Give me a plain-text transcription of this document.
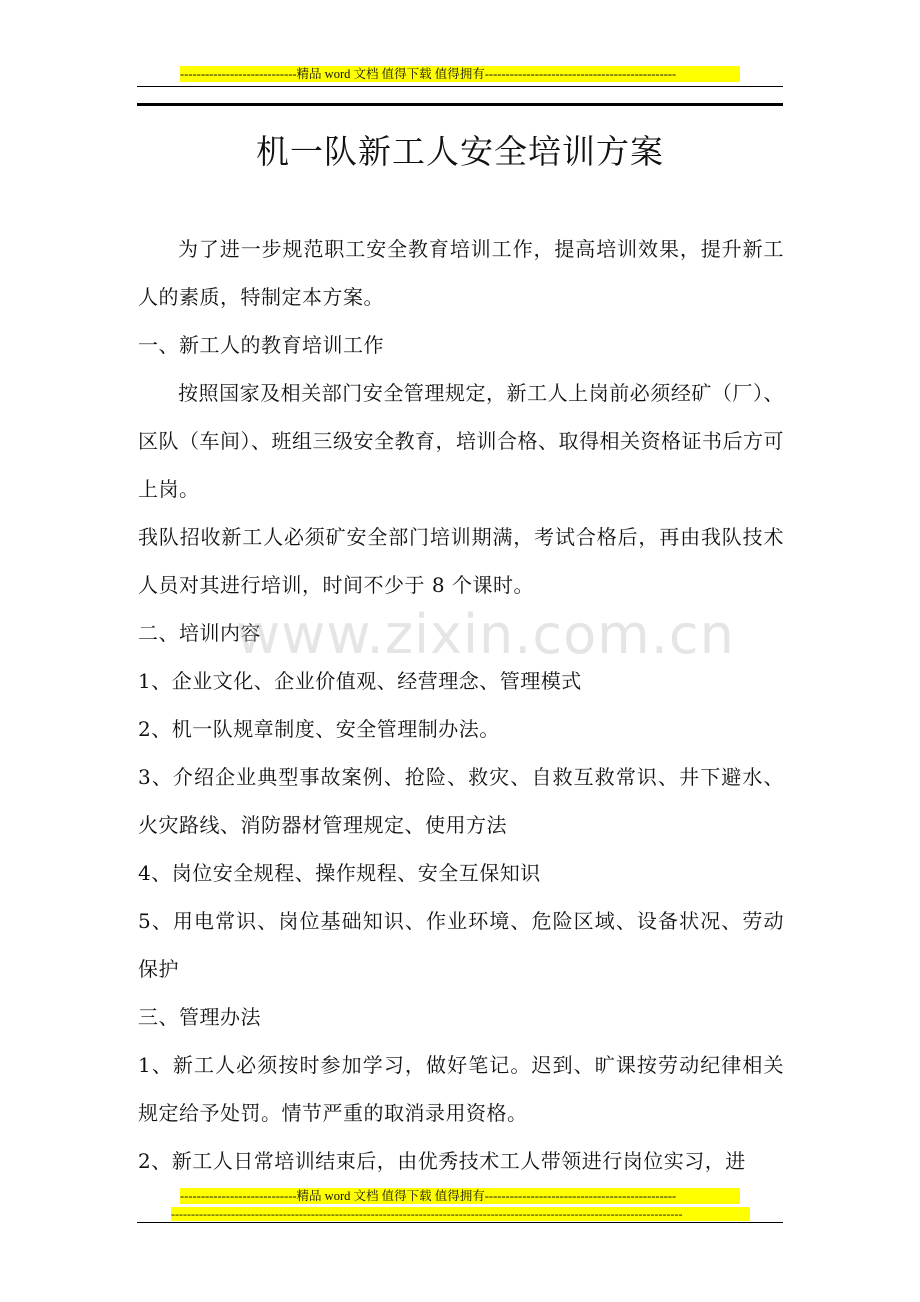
----------------------------精品 word 文档 值得下载 值得拥有----------------------------------------------
机一队新工人安全培训方案

为了进一步规范职工安全教育培训工作，提高培训效果，提升新工人的素质，特制定本方案。

一、新工人的教育培训工作

按照国家及相关部门安全管理规定，新工人上岗前必须经矿（厂）、区队（车间）、班组三级安全教育，培训合格、取得相关资格证书后方可上岗。

我队招收新工人必须矿安全部门培训期满，考试合格后，再由我队技术人员对其进行培训，时间不少于 8 个课时。

二、培训内容

1、企业文化、企业价值观、经营理念、管理模式

2、机一队规章制度、安全管理制办法。

3、介绍企业典型事故案例、抢险、救灾、自救互救常识、井下避水、火灾路线、消防器材管理规定、使用方法

4、岗位安全规程、操作规程、安全互保知识

5、用电常识、岗位基础知识、作业环境、危险区域、设备状况、劳动保护

三、管理办法

1、新工人必须按时参加学习，做好笔记。迟到、旷课按劳动纪律相关规定给予处罚。情节严重的取消录用资格。

2、新工人日常培训结束后，由优秀技术工人带领进行岗位实习，进

www.zixin.com.cn
----------------------------精品 word 文档 值得下载 值得拥有----------------------------------------------
--------------------------------------------------------------------------------------------------------------------------------
